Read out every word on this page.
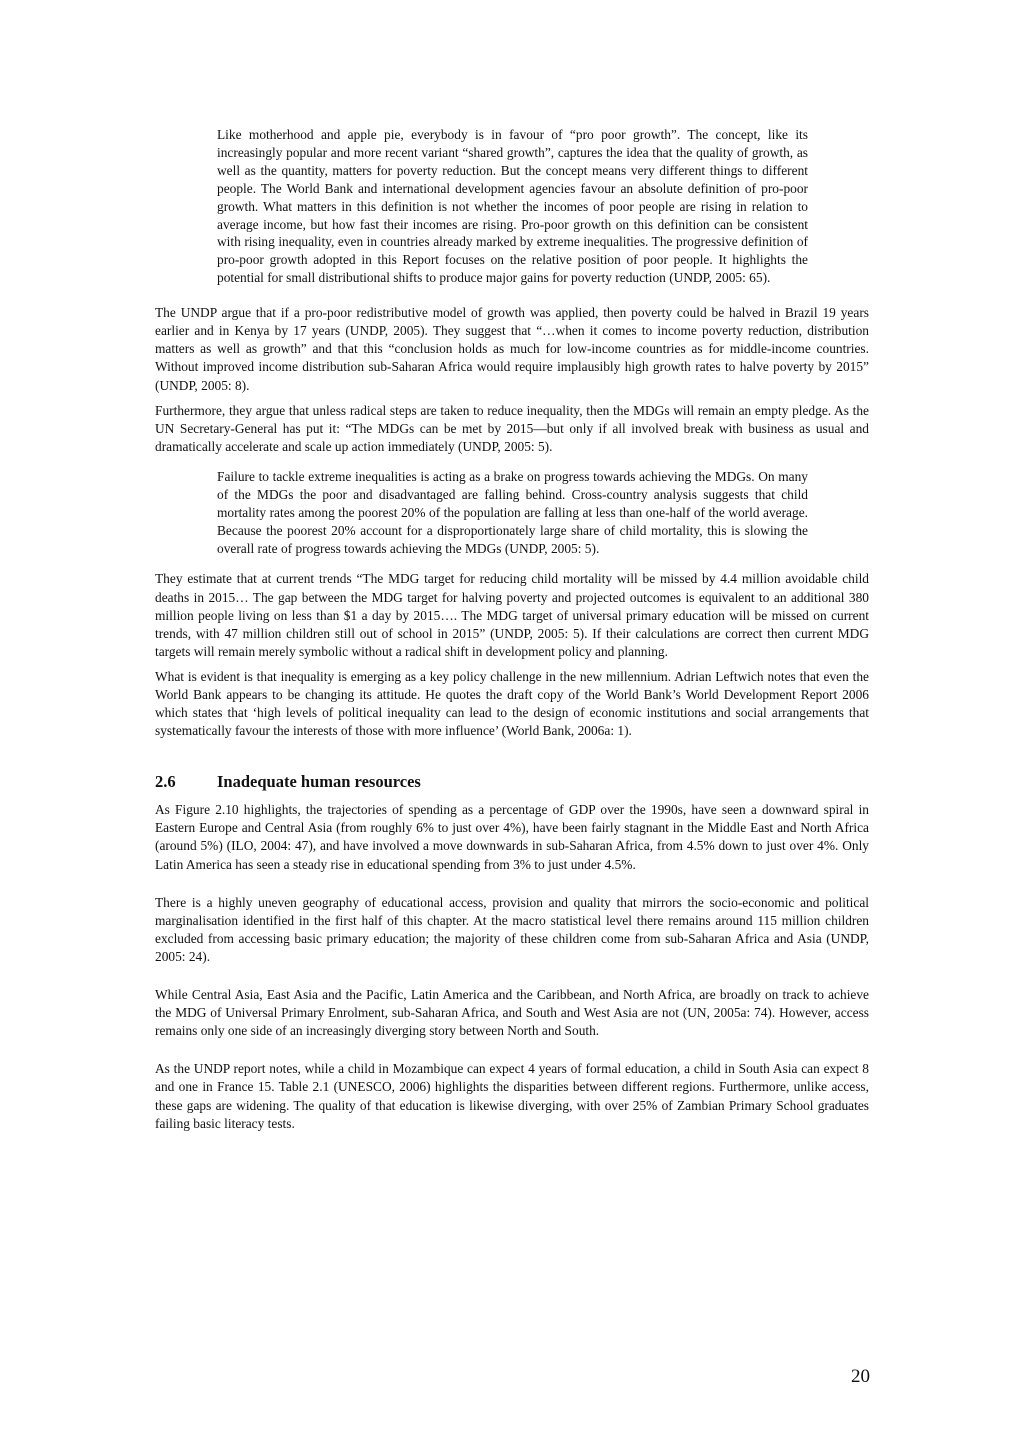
Like motherhood and apple pie, everybody is in favour of “pro poor growth”. The concept, like its increasingly popular and more recent variant “shared growth”, captures the idea that the quality of growth, as well as the quantity, matters for poverty reduction. But the concept means very different things to different people. The World Bank and international development agencies favour an absolute definition of pro-poor growth. What matters in this definition is not whether the incomes of poor people are rising in relation to average income, but how fast their incomes are rising. Pro-poor growth on this definition can be consistent with rising inequality, even in countries already marked by extreme inequalities. The progressive definition of pro-poor growth adopted in this Report focuses on the relative position of poor people. It highlights the potential for small distributional shifts to produce major gains for poverty reduction (UNDP, 2005: 65).

The UNDP argue that if a pro-poor redistributive model of growth was applied, then poverty could be halved in Brazil 19 years earlier and in Kenya by 17 years (UNDP, 2005). They suggest that “…when it comes to income poverty reduction, distribution matters as well as growth” and that this “conclusion holds as much for low-income countries as for middle-income countries. Without improved income distribution sub-Saharan Africa would require implausibly high growth rates to halve poverty by 2015” (UNDP, 2005: 8).

Furthermore, they argue that unless radical steps are taken to reduce inequality, then the MDGs will remain an empty pledge. As the UN Secretary-General has put it: “The MDGs can be met by 2015—but only if all involved break with business as usual and dramatically accelerate and scale up action immediately (UNDP, 2005: 5).

Failure to tackle extreme inequalities is acting as a brake on progress towards achieving the MDGs. On many of the MDGs the poor and disadvantaged are falling behind. Cross-country analysis suggests that child mortality rates among the poorest 20% of the population are falling at less than one-half of the world average. Because the poorest 20% account for a disproportionately large share of child mortality, this is slowing the overall rate of progress towards achieving the MDGs (UNDP, 2005: 5).

They estimate that at current trends “The MDG target for reducing child mortality will be missed by 4.4 million avoidable child deaths in 2015… The gap between the MDG target for halving poverty and projected outcomes is equivalent to an additional 380 million people living on less than $1 a day by 2015…. The MDG target of universal primary education will be missed on current trends, with 47 million children still out of school in 2015” (UNDP, 2005: 5). If their calculations are correct then current MDG targets will remain merely symbolic without a radical shift in development policy and planning.

What is evident is that inequality is emerging as a key policy challenge in the new millennium. Adrian Leftwich notes that even the World Bank appears to be changing its attitude. He quotes the draft copy of the World Bank’s World Development Report 2006 which states that ‘high levels of political inequality can lead to the design of economic institutions and social arrangements that systematically favour the interests of those with more influence’ (World Bank, 2006a: 1).

2.6	Inadequate human resources

As Figure 2.10 highlights, the trajectories of spending as a percentage of GDP over the 1990s, have seen a downward spiral in Eastern Europe and Central Asia (from roughly 6% to just over 4%), have been fairly stagnant in the Middle East and North Africa (around 5%) (ILO, 2004: 47), and have involved a move downwards in sub-Saharan Africa, from 4.5% down to just over 4%. Only Latin America has seen a steady rise in educational spending from 3% to just under 4.5%.

There is a highly uneven geography of educational access, provision and quality that mirrors the socio-economic and political marginalisation identified in the first half of this chapter. At the macro statistical level there remains around 115 million children excluded from accessing basic primary education; the majority of these children come from sub-Saharan Africa and Asia (UNDP, 2005: 24).

While Central Asia, East Asia and the Pacific, Latin America and the Caribbean, and North Africa, are broadly on track to achieve the MDG of Universal Primary Enrolment, sub-Saharan Africa, and South and West Asia are not (UN, 2005a: 74). However, access remains only one side of an increasingly diverging story between North and South.

As the UNDP report notes, while a child in Mozambique can expect 4 years of formal education, a child in South Asia can expect 8 and one in France 15. Table 2.1 (UNESCO, 2006) highlights the disparities between different regions. Furthermore, unlike access, these gaps are widening. The quality of that education is likewise diverging, with over 25% of Zambian Primary School graduates failing basic literacy tests.

20
